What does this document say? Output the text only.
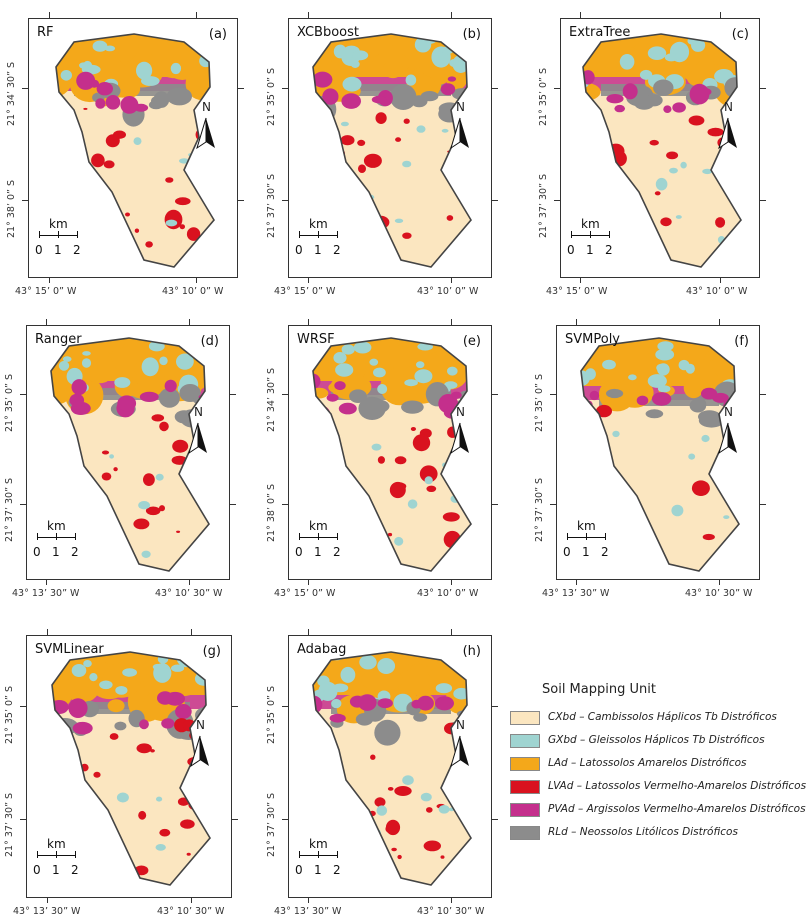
RF	(a)
N
km
0 1 2
21° 34’ 30” S
21° 38’ 0” S
43° 15’ 0” W	43° 10’ 0” W
XCBboost	(b)
N
km
0 1 2
21° 35’ 0” S
21° 37’ 30” S
43° 15’ 0” W	43° 10’ 0” W
ExtraTree	(c)
N
km
0 1 2
21° 35’ 0” S
21° 37’ 30” S
43° 15’ 0” W	43° 10’ 0” W
Ranger	(d)
N
km
0 1 2
21° 35’ 0” S
21° 37’ 30” S
43° 13’ 30” W	43° 10’ 30” W
WRSF	(e)
N
km
0 1 2
21° 34’ 30” S
21° 38’ 0” S
43° 15’ 0” W	43° 10’ 0” W
SVMPoly	(f)
N
km
0 1 2
21° 35’ 0” S
21° 37’ 30” S
43° 13’ 30” W	43° 10’ 30” W
SVMLinear	(g)
N
km
0 1 2
21° 35’ 0” S
21° 37’ 30” S
43° 13’ 30” W	43° 10’ 30” W
Adabag	(h)
N
km
0 1 2
21° 35’ 0” S
21° 37’ 30” S
43° 13’ 30” W	43° 10’ 30” W
Soil Mapping Unit
CXbd – Cambissolos Háplicos Tb Distróficos
GXbd – Gleissolos Háplicos Tb Distróficos
LAd – Latossolos Amarelos Distróficos
LVAd – Latossolos Vermelho-Amarelos Distróficos
PVAd – Argissolos Vermelho-Amarelos Distróficos
RLd – Neossolos Litólicos Distróficos
